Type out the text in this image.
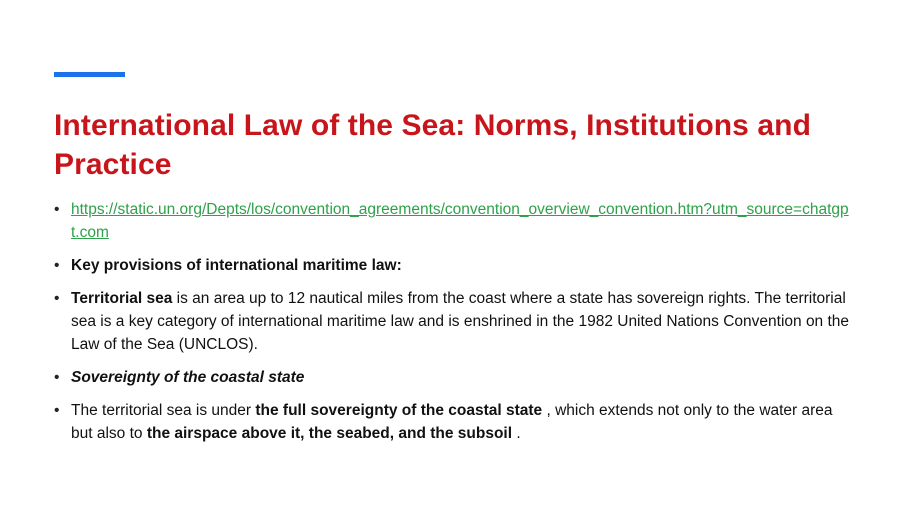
International Law of the Sea: Norms, Institutions and Practice
• https://static.un.org/Depts/los/convention_agreements/convention_overview_convention.htm?utm_source=chatgpt.com
• Key provisions of international maritime law:
• Territorial sea is an area up to 12 nautical miles from the coast where a state has sovereign rights. The territorial sea is a key category of international maritime law and is enshrined in the 1982 United Nations Convention on the Law of the Sea (UNCLOS).
• Sovereignty of the coastal state
• The territorial sea is under the full sovereignty of the coastal state , which extends not only to the water area but also to the airspace above it, the seabed, and the subsoil .
